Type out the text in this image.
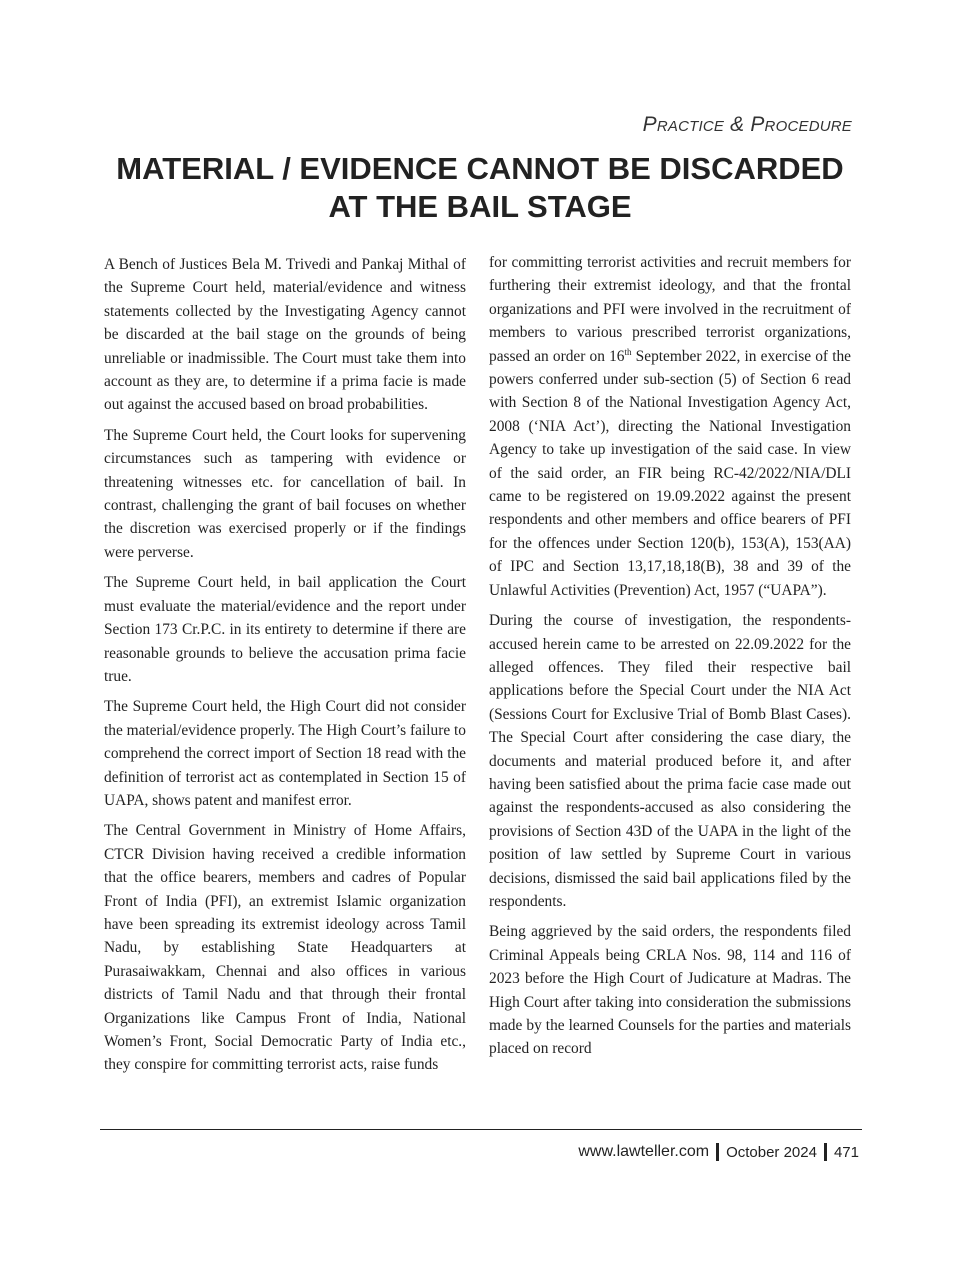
Practice & Procedure
MATERIAL / EVIDENCE CANNOT BE DISCARDED
AT THE BAIL STAGE

A Bench of Justices Bela M. Trivedi and Pankaj Mithal of the Supreme Court held, material/evidence and witness statements collected by the Investigating Agency cannot be discarded at the bail stage on the grounds of being unreliable or inadmissible. The Court must take them into account as they are, to determine if a prima facie is made out against the accused based on broad probabilities.

The Supreme Court held, the Court looks for supervening circumstances such as tampering with evidence or threatening witnesses etc. for cancellation of bail. In contrast, challenging the grant of bail focuses on whether the discretion was exercised properly or if the findings were perverse.

The Supreme Court held, in bail application the Court must evaluate the material/evidence and the report under Section 173 Cr.P.C. in its entirety to determine if there are reasonable grounds to believe the accusation prima facie true.

The Supreme Court held, the High Court did not consider the material/evidence properly. The High Court’s failure to comprehend the correct import of Section 18 read with the definition of terrorist act as contemplated in Section 15 of UAPA, shows patent and manifest error.

The Central Government in Ministry of Home Affairs, CTCR Division having received a credible information that the office bearers, members and cadres of Popular Front of India (PFI), an extremist Islamic organization have been spreading its extremist ideology across Tamil Nadu, by establishing State Headquarters at Purasaiwakkam, Chennai and also offices in various districts of Tamil Nadu and that through their frontal Organizations like Campus Front of India, National Women’s Front, Social Democratic Party of India etc., they conspire for committing terrorist acts, raise funds

for committing terrorist activities and recruit members for furthering their extremist ideology, and that the frontal organizations and PFI were involved in the recruitment of members to various prescribed terrorist organizations, passed an order on 16th September 2022, in exercise of the powers conferred under sub-section (5) of Section 6 read with Section 8 of the National Investigation Agency Act, 2008 (‘NIA Act’), directing the National Investigation Agency to take up investigation of the said case. In view of the said order, an FIR being RC-42/2022/NIA/DLI came to be registered on 19.09.2022 against the present respondents and other members and office bearers of PFI for the offences under Section 120(b), 153(A), 153(AA) of IPC and Section 13,17,18,18(B), 38 and 39 of the Unlawful Activities (Prevention) Act, 1957 (“UAPA”).

During the course of investigation, the respondents-accused herein came to be arrested on 22.09.2022 for the alleged offences. They filed their respective bail applications before the Special Court under the NIA Act (Sessions Court for Exclusive Trial of Bomb Blast Cases). The Special Court after considering the case diary, the documents and material produced before it, and after having been satisfied about the prima facie case made out against the respondents-accused as also considering the provisions of Section 43D of the UAPA in the light of the position of law settled by Supreme Court in various decisions, dismissed the said bail applications filed by the respondents.

Being aggrieved by the said orders, the respondents filed Criminal Appeals being CRLA Nos. 98, 114 and 116 of 2023 before the High Court of Judicature at Madras. The High Court after taking into consideration the submissions made by the learned Counsels for the parties and materials placed on record

www.lawteller.com October 2024 471
